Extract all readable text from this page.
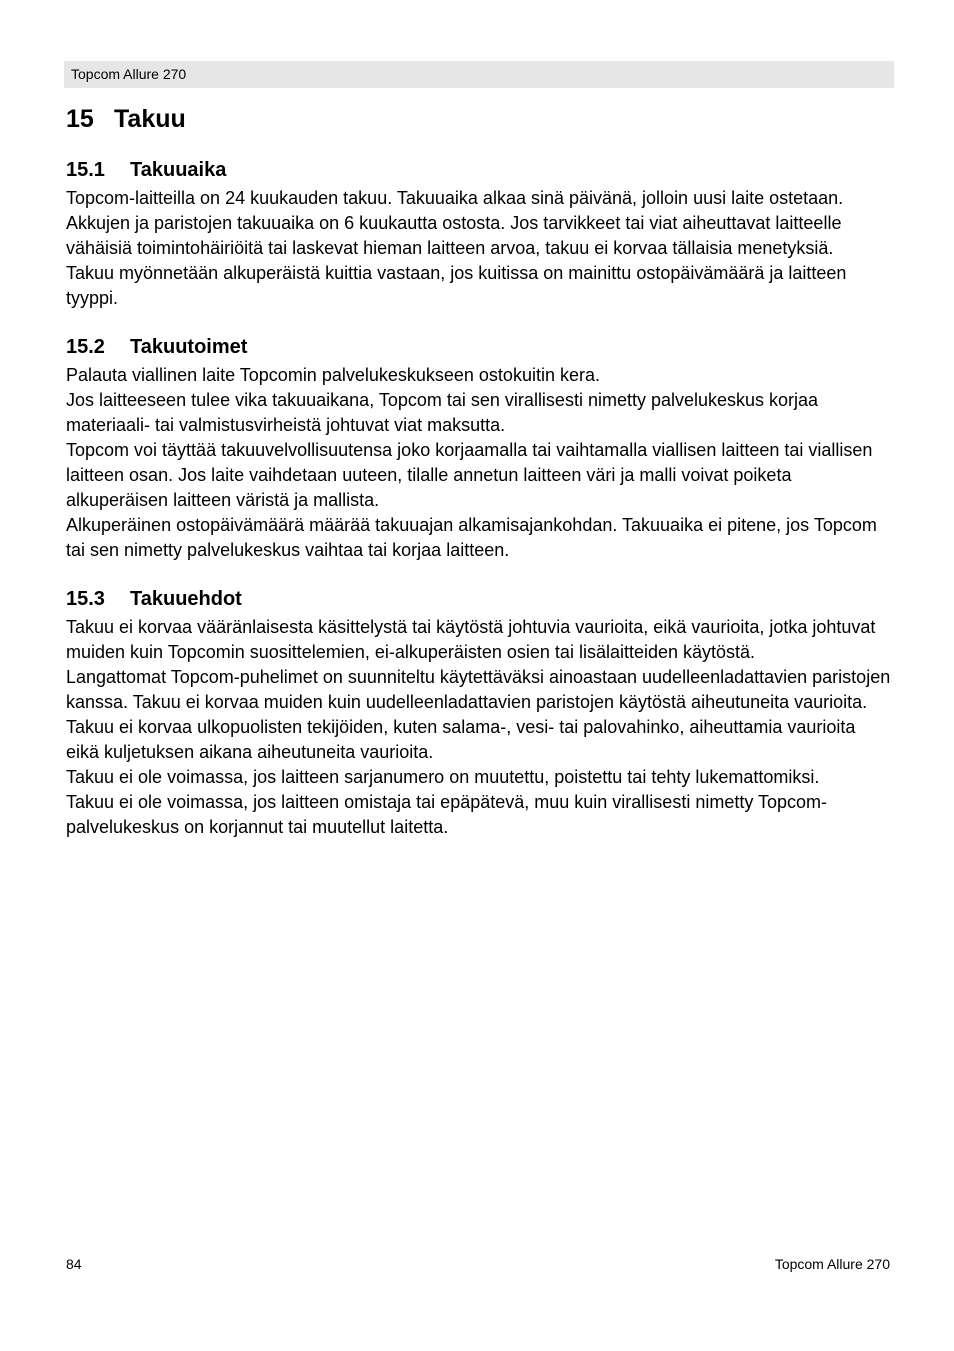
Topcom Allure 270
15 Takuu
15.1 Takuuaika

Topcom-laitteilla on 24 kuukauden takuu. Takuuaika alkaa sinä päivänä, jolloin uusi laite ostetaan. Akkujen ja paristojen takuuaika on 6 kuukautta ostosta. Jos tarvikkeet tai viat aiheuttavat laitteelle vähäisiä toimintohäiriöitä tai laskevat hieman laitteen arvoa, takuu ei korvaa tällaisia menetyksiä.

Takuu myönnetään alkuperäistä kuittia vastaan, jos kuitissa on mainittu ostopäivämäärä ja laitteen tyyppi.

15.2 Takuutoimet

Palauta viallinen laite Topcomin palvelukeskukseen ostokuitin kera.

Jos laitteeseen tulee vika takuuaikana, Topcom tai sen virallisesti nimetty palvelukeskus korjaa materiaali- tai valmistusvirheistä johtuvat viat maksutta.

Topcom voi täyttää takuuvelvollisuutensa joko korjaamalla tai vaihtamalla viallisen laitteen tai viallisen laitteen osan. Jos laite vaihdetaan uuteen, tilalle annetun laitteen väri ja malli voivat poiketa alkuperäisen laitteen väristä ja mallista.

Alkuperäinen ostopäivämäärä määrää takuuajan alkamisajankohdan. Takuuaika ei pitene, jos Topcom tai sen nimetty palvelukeskus vaihtaa tai korjaa laitteen.

15.3 Takuuehdot

Takuu ei korvaa vääränlaisesta käsittelystä tai käytöstä johtuvia vaurioita, eikä vaurioita, jotka johtuvat muiden kuin Topcomin suosittelemien, ei-alkuperäisten osien tai lisälaitteiden käytöstä.

Langattomat Topcom-puhelimet on suunniteltu käytettäväksi ainoastaan uudelleenladattavien paristojen kanssa. Takuu ei korvaa muiden kuin uudelleenladattavien paristojen käytöstä aiheutuneita vaurioita.

Takuu ei korvaa ulkopuolisten tekijöiden, kuten salama-, vesi- tai palovahinko, aiheuttamia vaurioita eikä kuljetuksen aikana aiheutuneita vaurioita.

Takuu ei ole voimassa, jos laitteen sarjanumero on muutettu, poistettu tai tehty lukemattomiksi.

Takuu ei ole voimassa, jos laitteen omistaja tai epäpätevä, muu kuin virallisesti nimetty Topcom-palvelukeskus on korjannut tai muutellut laitetta.

84	Topcom Allure 270
